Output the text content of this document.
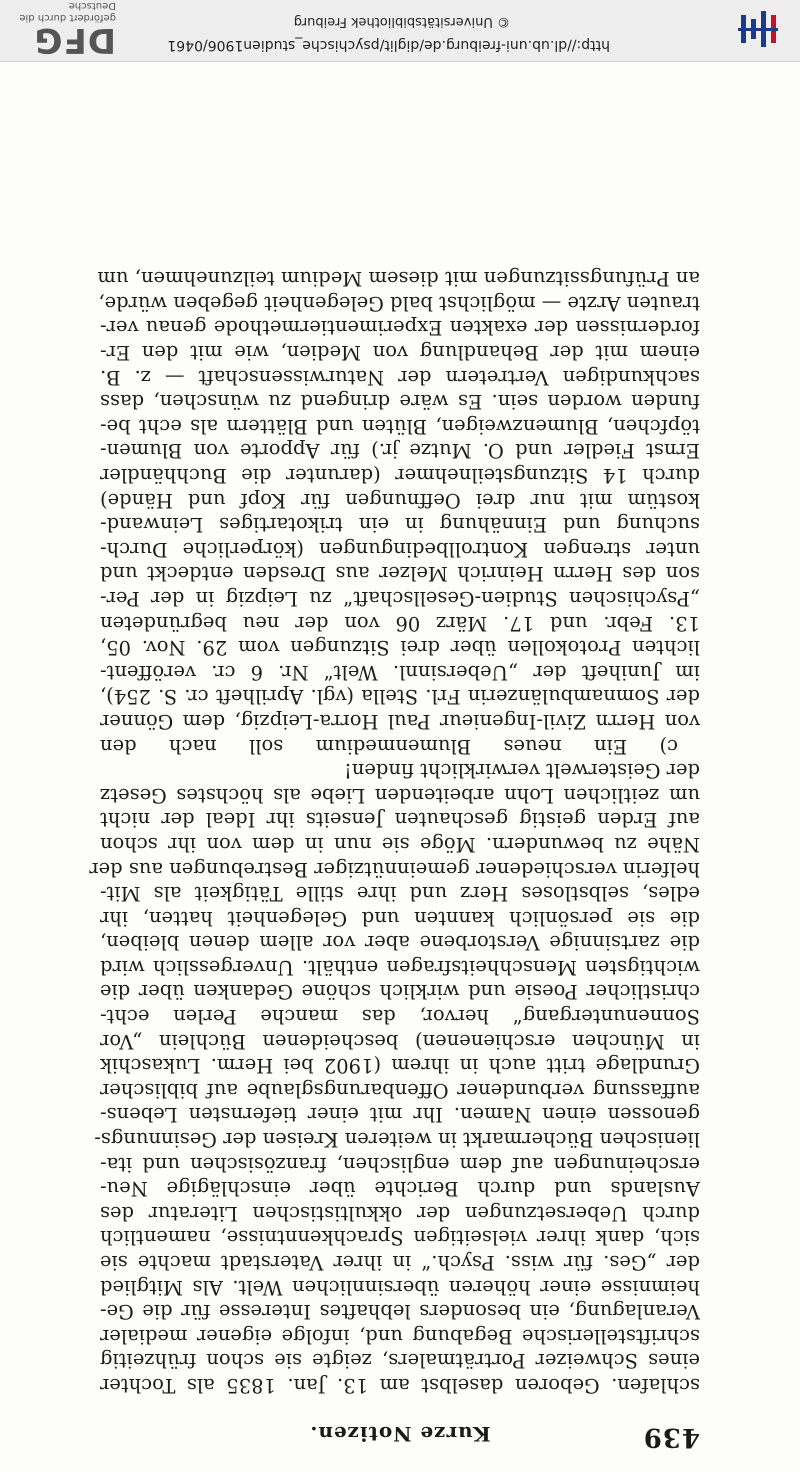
439
Kurze Notizen.
schlafen. Geboren daselbst am 13. Jan. 1835 als Tochter
eines Schweizer Porträtmalers, zeigte sie schon frühzeitig
schriftstellerische Begabung und, infolge eigener medialer
Veranlagung, ein besonders lebhaftes Interesse für die Ge-
heimnisse einer höheren übersinnlichen Welt. Als Mitglied
der „Ges. für wiss. Psych.“ in ihrer Vaterstadt machte sie
sich, dank ihrer vielseitigen Sprachkenntnisse, namentlich
durch Uebersetzungen der okkultistischen Literatur des
Auslands und durch Berichte über einschlägige Neu-
erscheinungen auf dem englischen, französischen und ita-
lienischen Büchermarkt in weiteren Kreisen der Gesinnungs-
genossen einen Namen. Ihr mit einer tiefernsten Lebens-
auffassung verbundener Offenbarungsglaube auf biblischer
Grundlage tritt auch in ihrem (1902 bei Herm. Lukaschik
in München erschienenen) bescheidenen Büchlein „Vor
Sonnenuntergang“ hervor, das manche Perlen echt-
christlicher Poesie und wirklich schöne Gedanken über die
wichtigsten Menschheitsfragen enthält. Unvergesslich wird
die zartsinnige Verstorbene aber vor allem denen bleiben,
die sie persönlich kannten und Gelegenheit hatten, ihr
edles, selbstloses Herz und ihre stille Tätigkeit als Mit-
helferin verschiedener gemeinnütziger Bestrebungen aus der
Nähe zu bewundern. Möge sie nun in dem von ihr schon
auf Erden geistig geschauten Jenseits ihr Ideal der nicht
um zeitlichen Lohn arbeitenden Liebe als höchstes Gesetz
der Geisterwelt verwirklicht finden!
c) Ein neues Blumenmedium soll nach den
von Herrn Zivil-Ingenieur Paul Horra-Leipzig, dem Gönner
der Somnambulänzerin Frl. Stella (vgl. Aprilheft cr. S. 254),
im Juniheft der „Uebersinnl. Welt“ Nr. 6 cr. veröffent-
lichten Protokollen über drei Sitzungen vom 29. Nov. 05,
13. Febr. und 17. März 06 von der neu begründeten
„Psychischen Studien-Gesellschaft“ zu Leipzig in der Per-
son des Herrn Heinrich Melzer aus Dresden entdeckt und
unter strengen Kontrollbedingungen (körperliche Durch-
suchung und Einnähung in ein trikotartiges Leinwand-
kostüm mit nur drei Oeffnungen für Kopf und Hände)
durch 14 Sitzungsteilnehmer (darunter die Buchhändler
Ernst Fiedler und O. Mutze jr.) für Apporte von Blumen-
töpfchen, Blumenzweigen, Blüten und Blättern als echt be-
funden worden sein. Es wäre dringend zu wünschen, dass
sachkundigen Vertretern der Naturwissenschaft — z. B.
einem mit der Behandlung von Medien, wie mit den Er-
fordernissen der exakten Experimentiermethode genau ver-
trauten Arzte — möglichst bald Gelegenheit gegeben würde,
an Prüfungssitzungen mit diesem Medium teilzunehmen, um
http://dl.ub.uni-freiburg.de/diglit/psychische_studien1906/0461
© Universitätsbibliothek Freiburg
DFG
gefördert durch die
Deutsche
